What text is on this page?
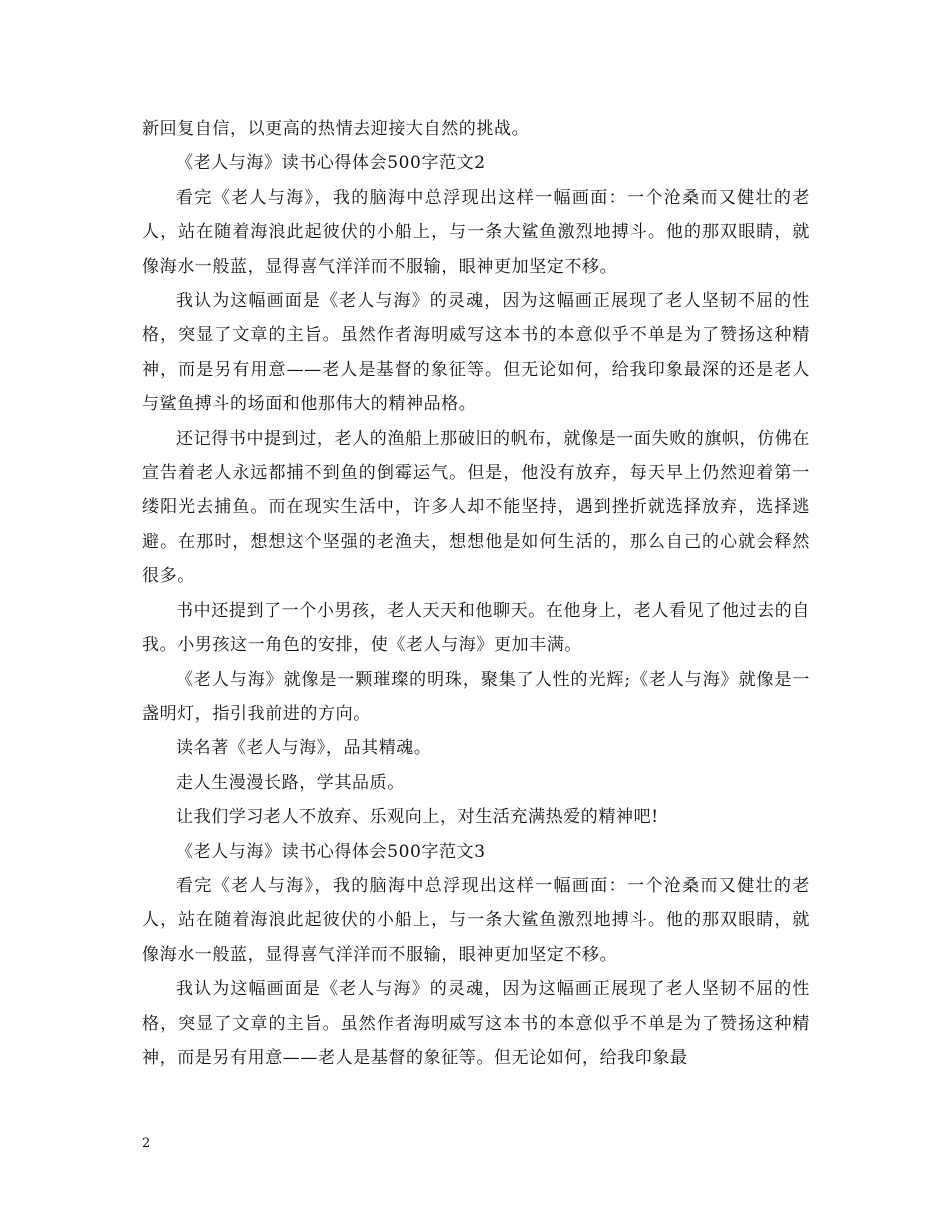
新回复自信，以更高的热情去迎接大自然的挑战。

《老人与海》读书心得体会500字范文2

看完《老人与海》，我的脑海中总浮现出这样一幅画面：一个沧桑而又健壮的老人，站在随着海浪此起彼伏的小船上，与一条大鲨鱼激烈地搏斗。他的那双眼睛，就像海水一般蓝，显得喜气洋洋而不服输，眼神更加坚定不移。

我认为这幅画面是《老人与海》的灵魂，因为这幅画正展现了老人坚韧不屈的性格，突显了文章的主旨。虽然作者海明威写这本书的本意似乎不单是为了赞扬这种精神，而是另有用意——老人是基督的象征等。但无论如何，给我印象最深的还是老人与鲨鱼搏斗的场面和他那伟大的精神品格。

还记得书中提到过，老人的渔船上那破旧的帆布，就像是一面失败的旗帜，仿佛在宣告着老人永远都捕不到鱼的倒霉运气。但是，他没有放弃，每天早上仍然迎着第一缕阳光去捕鱼。而在现实生活中，许多人却不能坚持，遇到挫折就选择放弃，选择逃避。在那时，想想这个坚强的老渔夫，想想他是如何生活的，那么自己的心就会释然很多。

书中还提到了一个小男孩，老人天天和他聊天。在他身上，老人看见了他过去的自我。小男孩这一角色的安排，使《老人与海》更加丰满。

《老人与海》就像是一颗璀璨的明珠，聚集了人性的光辉;《老人与海》就像是一盏明灯，指引我前进的方向。

读名著《老人与海》，品其精魂。

走人生漫漫长路，学其品质。

让我们学习老人不放弃、乐观向上，对生活充满热爱的精神吧!

《老人与海》读书心得体会500字范文3

看完《老人与海》，我的脑海中总浮现出这样一幅画面：一个沧桑而又健壮的老人，站在随着海浪此起彼伏的小船上，与一条大鲨鱼激烈地搏斗。他的那双眼睛，就像海水一般蓝，显得喜气洋洋而不服输，眼神更加坚定不移。

我认为这幅画面是《老人与海》的灵魂，因为这幅画正展现了老人坚韧不屈的性格，突显了文章的主旨。虽然作者海明威写这本书的本意似乎不单是为了赞扬这种精神，而是另有用意——老人是基督的象征等。但无论如何，给我印象最

2
